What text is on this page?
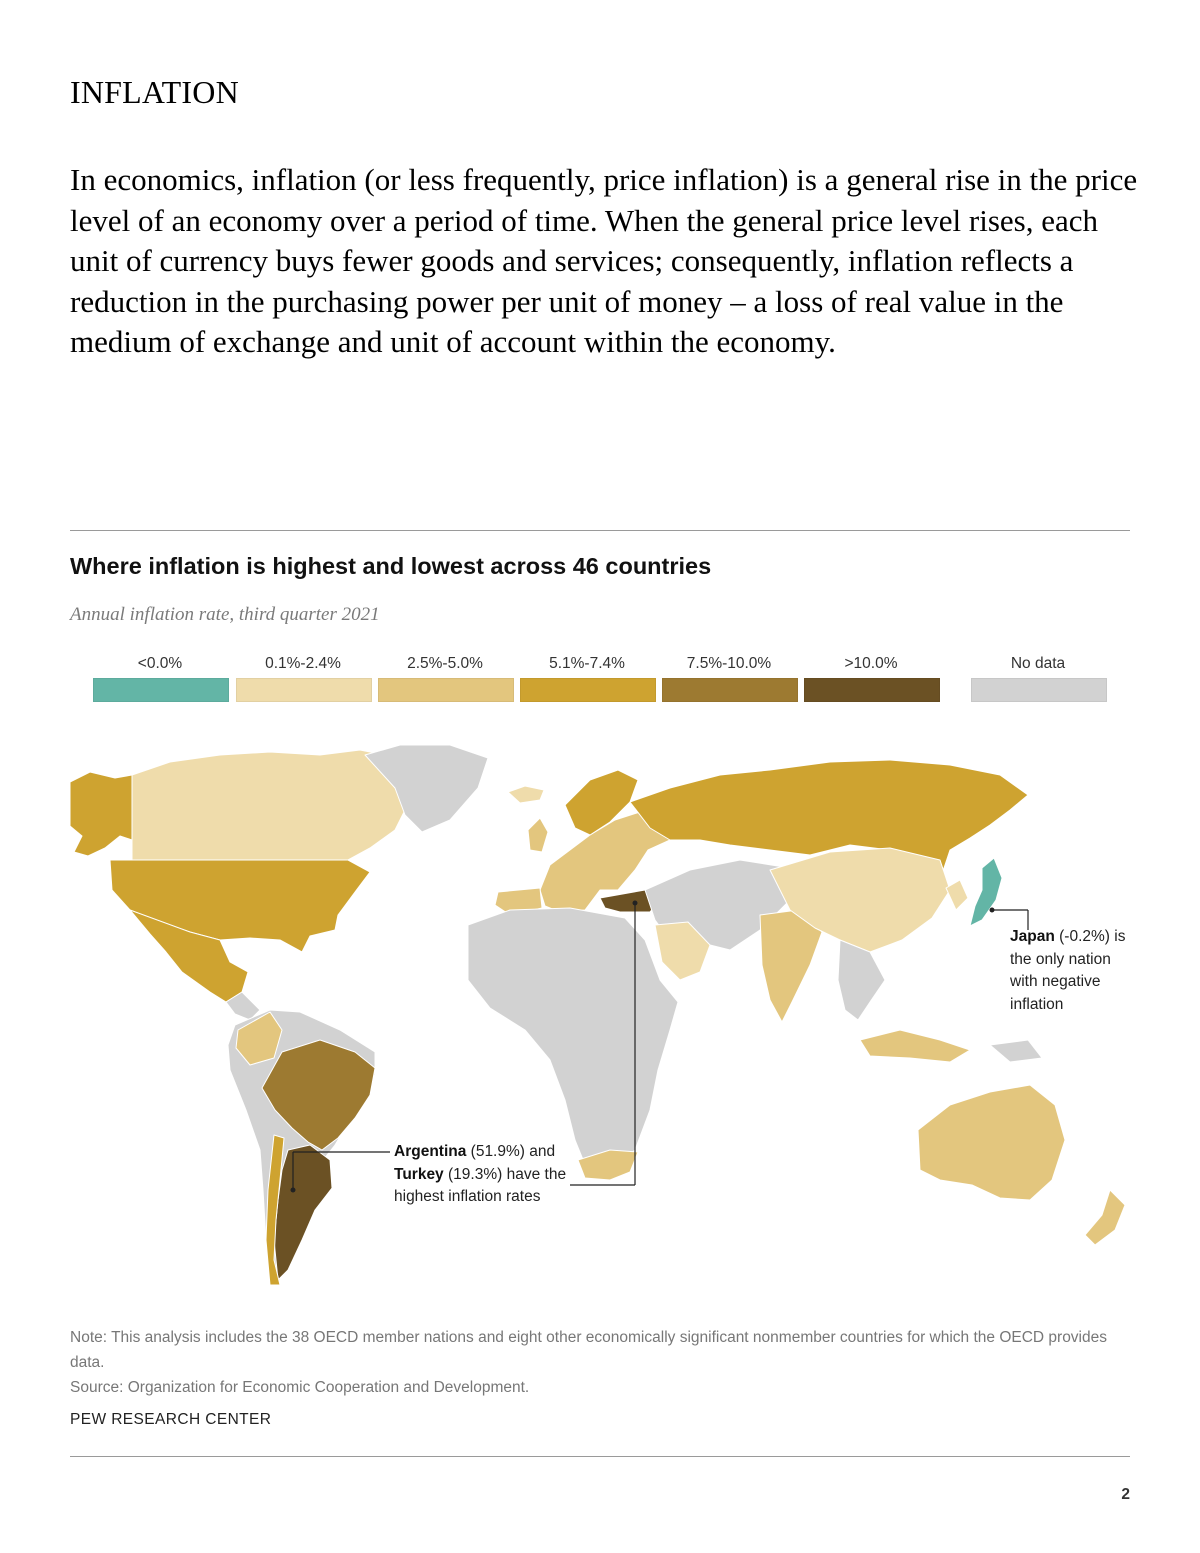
INFLATION
In economics, inflation (or less frequently, price inflation) is a general rise in the price level of an economy over a period of time. When the general price level rises, each unit of currency buys fewer goods and services; consequently, inflation reflects a reduction in the purchasing power per unit of money – a loss of real value in the medium of exchange and unit of account within the economy.
Where inflation is highest and lowest across 46 countries
Annual inflation rate, third quarter 2021
<0.0%	0.1%-2.4%	2.5%-5.0%	5.1%-7.4%	7.5%-10.0%	>10.0%	No data
Japan (-0.2%) is the only nation with negative inflation
Argentina (51.9%) and Turkey (19.3%) have the highest inflation rates
Note: This analysis includes the 38 OECD member nations and eight other economically significant nonmember countries for which the OECD provides data.
Source: Organization for Economic Cooperation and Development.
PEW RESEARCH CENTER
2
